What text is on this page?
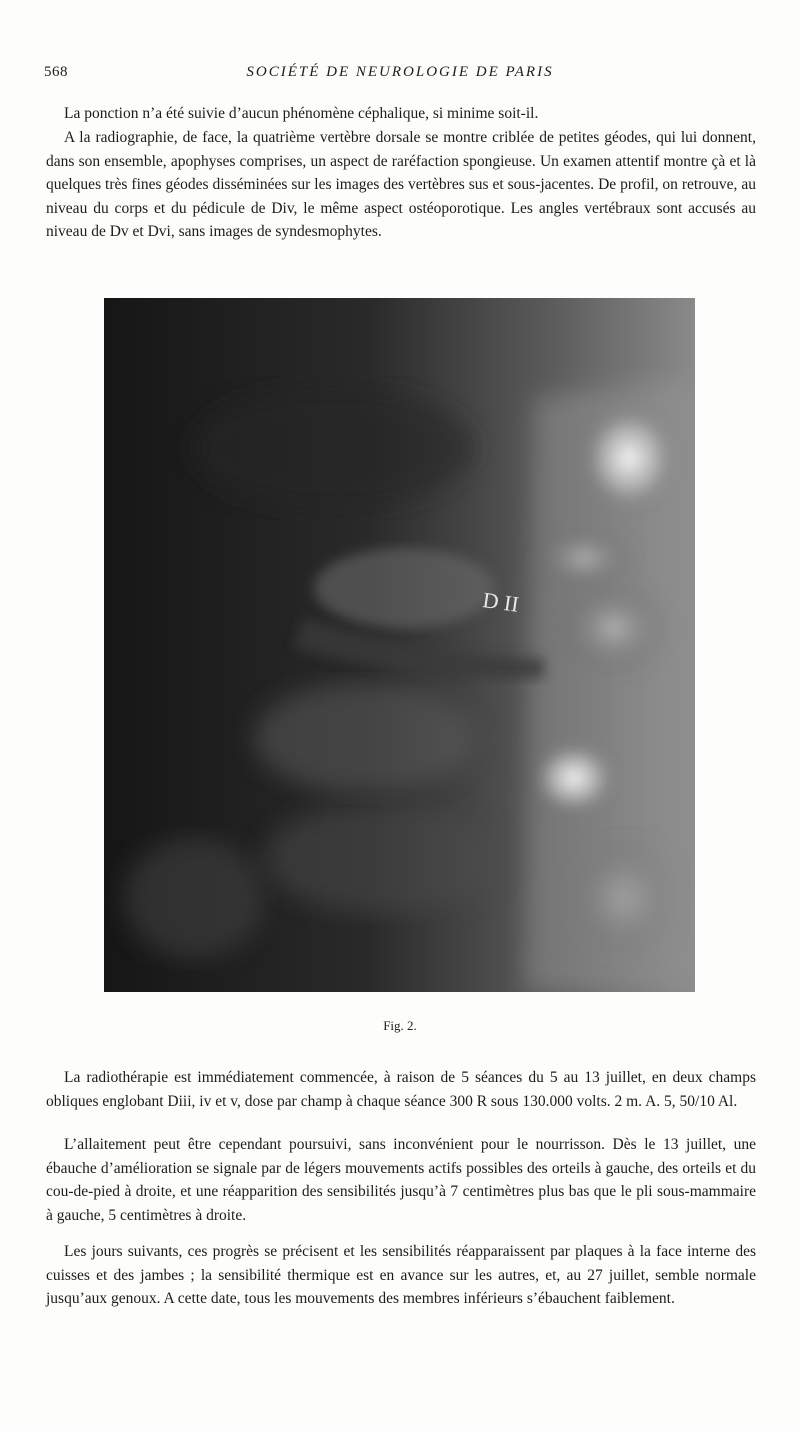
568	SOCIÉTÉ DE NEUROLOGIE DE PARIS

La ponction n’a été suivie d’aucun phénomène céphalique, si minime soit-il.

A la radiographie, de face, la quatrième vertèbre dorsale se montre criblée de petites géodes, qui lui donnent, dans son ensemble, apophyses comprises, un aspect de raréfaction spongieuse. Un examen attentif montre çà et là quelques très fines géodes disséminées sur les images des vertèbres sus et sous-jacentes. De profil, on retrouve, au niveau du corps et du pédicule de Div, le même aspect ostéoporotique. Les angles vertébraux sont accusés au niveau de Dv et Dvi, sans images de syndesmophytes.

D II
Fig. 2.

La radiothérapie est immédiatement commencée, à raison de 5 séances du 5 au 13 juillet, en deux champs obliques englobant Diii, iv et v, dose par champ à chaque séance 300 R sous 130.000 volts. 2 m. A. 5, 50/10 Al.

L’allaitement peut être cependant poursuivi, sans inconvénient pour le nourrisson. Dès le 13 juillet, une ébauche d’amélioration se signale par de légers mouvements actifs possibles des orteils à gauche, des orteils et du cou-de-pied à droite, et une réapparition des sensibilités jusqu’à 7 centimètres plus bas que le pli sous-mammaire à gauche, 5 centimètres à droite.

Les jours suivants, ces progrès se précisent et les sensibilités réapparaissent par plaques à la face interne des cuisses et des jambes ; la sensibilité thermique est en avance sur les autres, et, au 27 juillet, semble normale jusqu’aux genoux. A cette date, tous les mouvements des membres inférieurs s’ébauchent faiblement.
